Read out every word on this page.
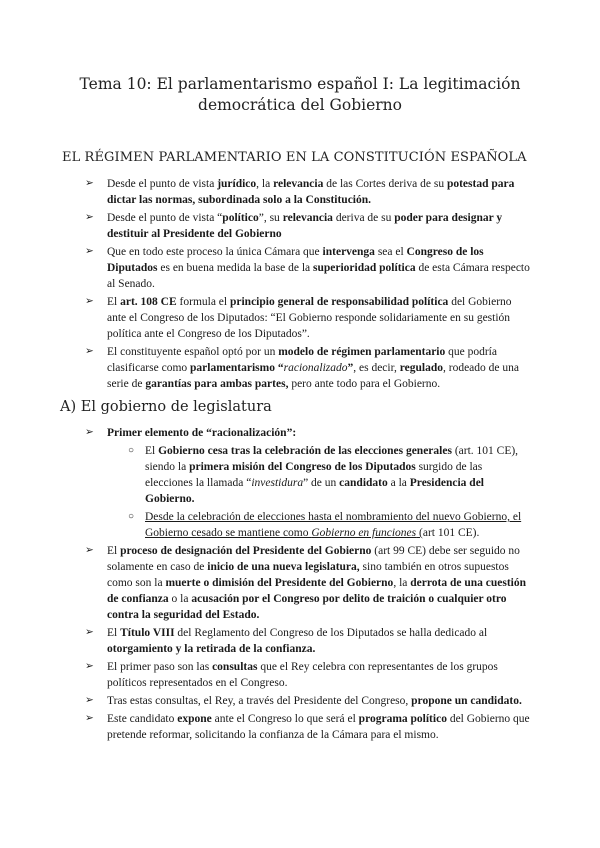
Tema 10: El parlamentarismo español I: La legitimación
democrática del Gobierno
EL RÉGIMEN PARLAMENTARIO EN LA CONSTITUCIÓN ESPAÑOLA
➢ Desde el punto de vista jurídico, la relevancia de las Cortes deriva de su potestad para dictar las normas, subordinada solo a la Constitución.
➢ Desde el punto de vista “político”, su relevancia deriva de su poder para designar y destituir al Presidente del Gobierno
➢ Que en todo este proceso la única Cámara que intervenga sea el Congreso de los Diputados es en buena medida la base de la superioridad política de esta Cámara respecto al Senado.
➢ El art. 108 CE formula el principio general de responsabilidad política del Gobierno ante el Congreso de los Diputados: “El Gobierno responde solidariamente en su gestión política ante el Congreso de los Diputados”.
➢ El constituyente español optó por un modelo de régimen parlamentario que podría clasificarse como parlamentarismo “racionalizado”, es decir, regulado, rodeado de una serie de garantías para ambas partes, pero ante todo para el Gobierno.
A) El gobierno de legislatura
➢ Primer elemento de “racionalización”:
○ El Gobierno cesa tras la celebración de las elecciones generales (art. 101 CE), siendo la primera misión del Congreso de los Diputados surgido de las elecciones la llamada “investidura” de un candidato a la Presidencia del Gobierno.
○ Desde la celebración de elecciones hasta el nombramiento del nuevo Gobierno, el Gobierno cesado se mantiene como Gobierno en funciones (art 101 CE).
➢ El proceso de designación del Presidente del Gobierno (art 99 CE) debe ser seguido no solamente en caso de inicio de una nueva legislatura, sino también en otros supuestos como son la muerte o dimisión del Presidente del Gobierno, la derrota de una cuestión de confianza o la acusación por el Congreso por delito de traición o cualquier otro contra la seguridad del Estado.
➢ El Título VIII del Reglamento del Congreso de los Diputados se halla dedicado al otorgamiento y la retirada de la confianza.
➢ El primer paso son las consultas que el Rey celebra con representantes de los grupos políticos representados en el Congreso.
➢ Tras estas consultas, el Rey, a través del Presidente del Congreso, propone un candidato.
➢ Este candidato expone ante el Congreso lo que será el programa político del Gobierno que pretende reformar, solicitando la confianza de la Cámara para el mismo.
